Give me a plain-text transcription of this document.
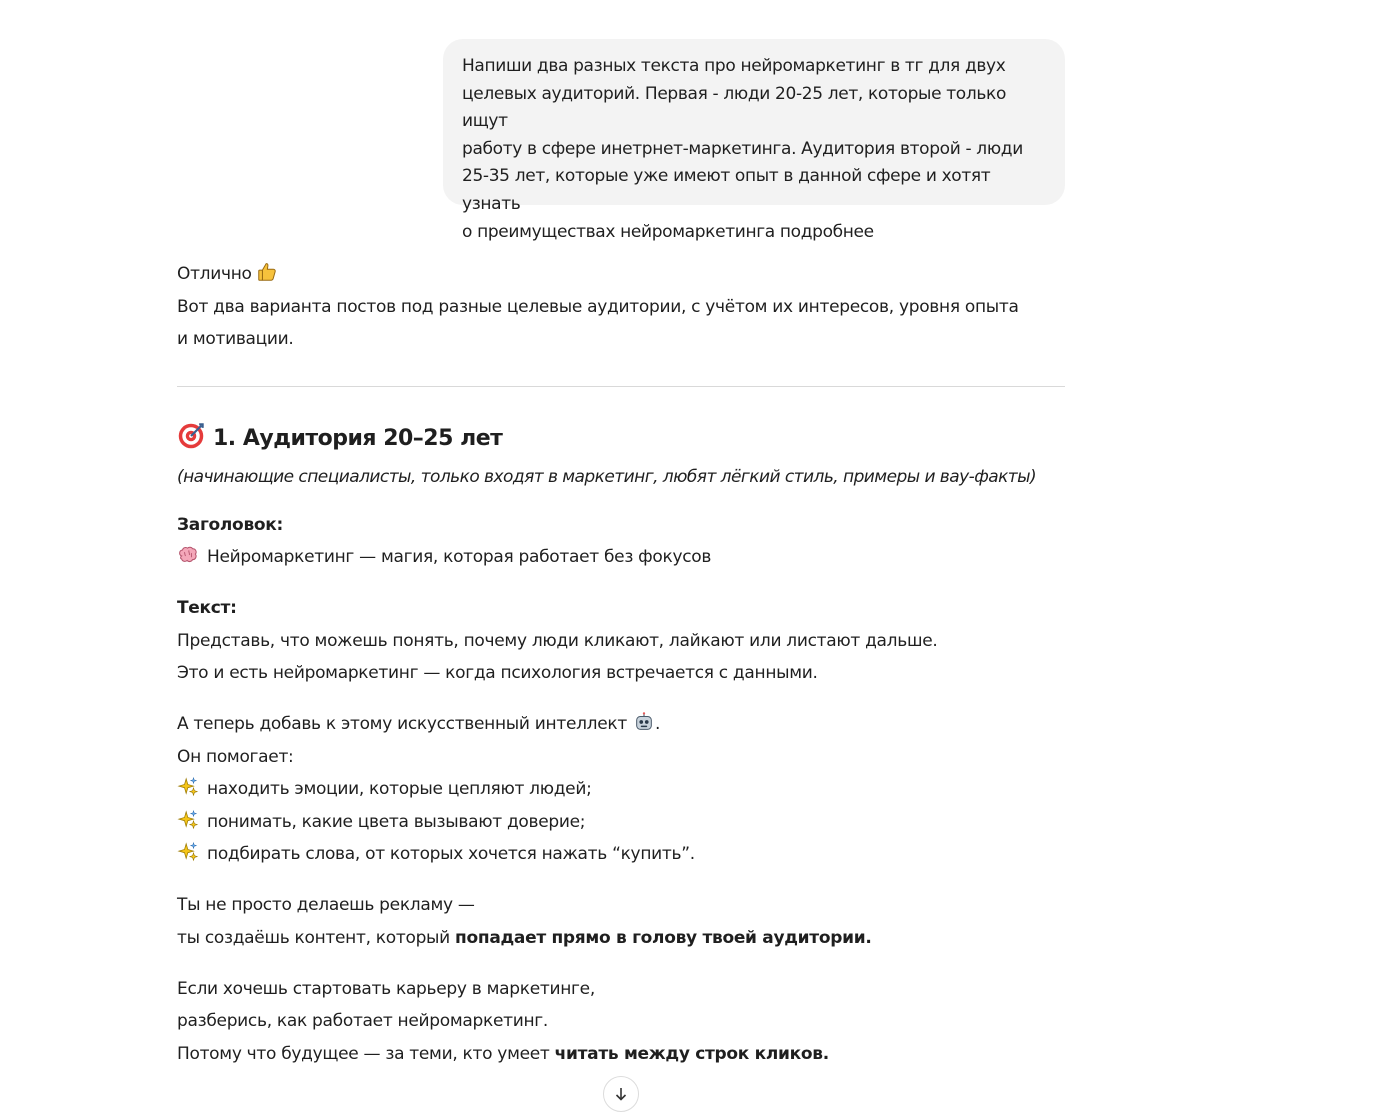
Напиши два разных текста про нейромаркетинг в тг для двух

целевых аудиторий. Первая - люди 20-25 лет, которые только ищут

работу в сфере инетрнет-маркетинга. Аудитория второй - люди

25-35 лет, которые уже имеют опыт в данной сфере и хотят узнать

о преимуществах нейромаркетинга подробнее

Отлично

Вот два варианта постов под разные целевые аудитории, с учётом их интересов, уровня опыта и мотивации.

1. Аудитория 20–25 лет

(начинающие специалисты, только входят в маркетинг, любят лёгкий стиль, примеры и вау-факты)

Заголовок:

Нейромаркетинг — магия, которая работает без фокусов

Текст:

Представь, что можешь понять, почему люди кликают, лайкают или листают дальше.

Это и есть нейромаркетинг — когда психология встречается с данными.

А теперь добавь к этому искусственный интеллект .

Он помогает:

находить эмоции, которые цепляют людей;

понимать, какие цвета вызывают доверие;

подбирать слова, от которых хочется нажать “купить”.

Ты не просто делаешь рекламу —

ты создаёшь контент, который попадает прямо в голову твоей аудитории.

Если хочешь стартовать карьеру в маркетинге,

разберись, как работает нейромаркетинг.

Потому что будущее — за теми, кто умеет читать между строк кликов.
